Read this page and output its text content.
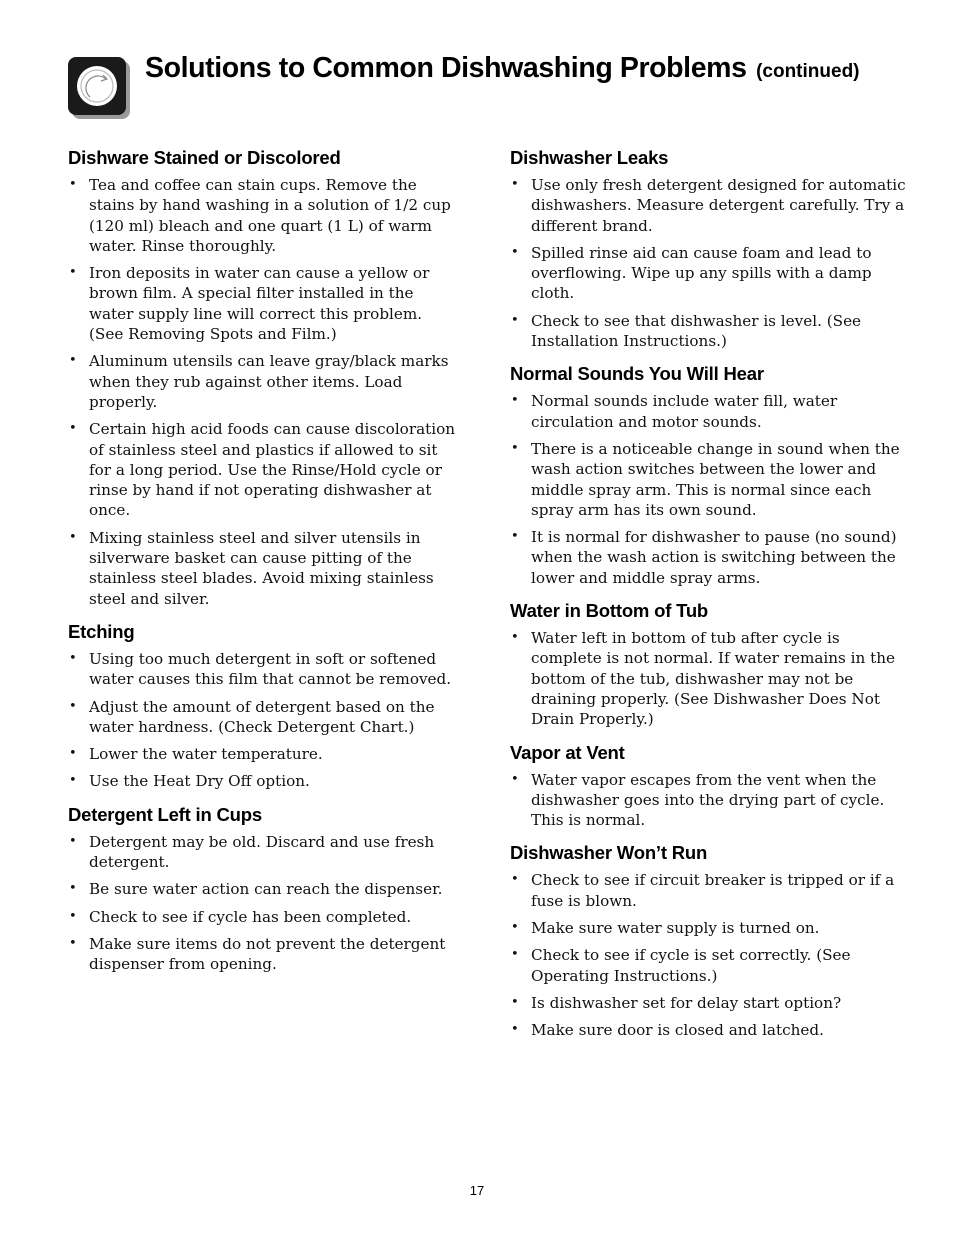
Solutions to Common Dishwashing Problems (continued)
Dishware Stained or Discolored
• Tea and coffee can stain cups. Remove the stains by hand washing in a solution of 1/2 cup (120 ml) bleach and one quart (1 L) of warm water. Rinse thoroughly.
• Iron deposits in water can cause a yellow or brown film. A special filter installed in the water supply line will correct this problem. (See Removing Spots and Film.)
• Aluminum utensils can leave gray/black marks when they rub against other items. Load properly.
• Certain high acid foods can cause discoloration of stainless steel and plastics if allowed to sit for a long period. Use the Rinse/Hold cycle or rinse by hand if not operating dishwasher at once.
• Mixing stainless steel and silver utensils in silverware basket can cause pitting of the stainless steel blades. Avoid mixing stainless steel and silver.
Etching
• Using too much detergent in soft or softened water causes this film that cannot be removed.
• Adjust the amount of detergent based on the water hardness. (Check Detergent Chart.)
• Lower the water temperature.
• Use the Heat Dry Off option.
Detergent Left in Cups
• Detergent may be old. Discard and use fresh detergent.
• Be sure water action can reach the dispenser.
• Check to see if cycle has been completed.
• Make sure items do not prevent the detergent dispenser from opening.
Dishwasher Leaks
• Use only fresh detergent designed for automatic dishwashers. Measure detergent carefully. Try a different brand.
• Spilled rinse aid can cause foam and lead to overflowing. Wipe up any spills with a damp cloth.
• Check to see that dishwasher is level. (See Installation Instructions.)
Normal Sounds You Will Hear
• Normal sounds include water fill, water circulation and motor sounds.
• There is a noticeable change in sound when the wash action switches between the lower and middle spray arm. This is normal since each spray arm has its own sound.
• It is normal for dishwasher to pause (no sound) when the wash action is switching between the lower and middle spray arms.
Water in Bottom of Tub
• Water left in bottom of tub after cycle is complete is not normal. If water remains in the bottom of the tub, dishwasher may not be draining properly. (See Dishwasher Does Not Drain Properly.)
Vapor at Vent
• Water vapor escapes from the vent when the dishwasher goes into the drying part of cycle. This is normal.
Dishwasher Won’t Run
• Check to see if circuit breaker is tripped or if a fuse is blown.
• Make sure water supply is turned on.
• Check to see if cycle is set correctly. (See Operating Instructions.)
• Is dishwasher set for delay start option?
• Make sure door is closed and latched.
17
